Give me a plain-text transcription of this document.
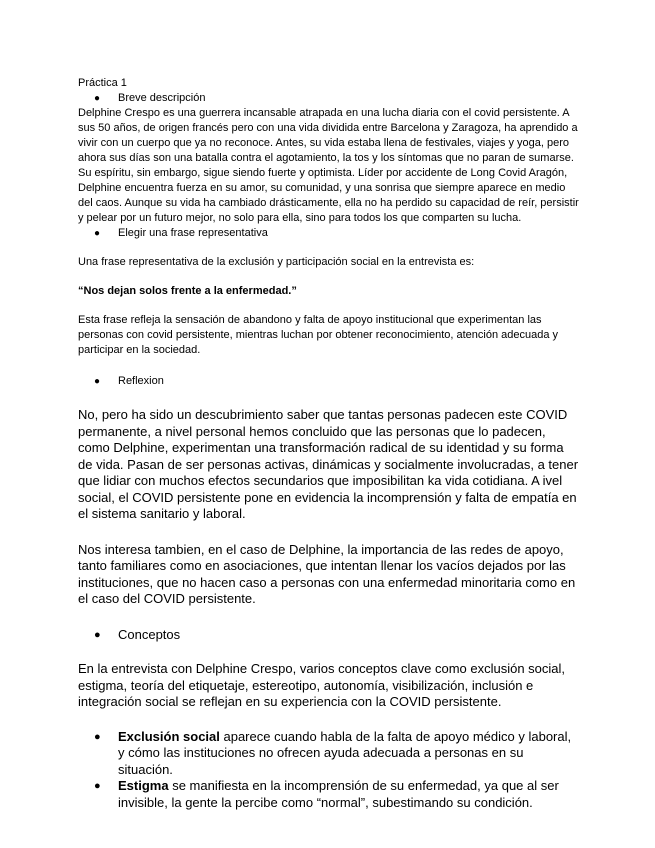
Práctica 1

● Breve descripción

Delphine Crespo es una guerrera incansable atrapada en una lucha diaria con el covid persistente. A sus 50 años, de origen francés pero con una vida dividida entre Barcelona y Zaragoza, ha aprendido a vivir con un cuerpo que ya no reconoce. Antes, su vida estaba llena de festivales, viajes y yoga, pero ahora sus días son una batalla contra el agotamiento, la tos y los síntomas que no paran de sumarse. Su espíritu, sin embargo, sigue siendo fuerte y optimista. Líder por accidente de Long Covid Aragón, Delphine encuentra fuerza en su amor, su comunidad, y una sonrisa que siempre aparece en medio del caos. Aunque su vida ha cambiado drásticamente, ella no ha perdido su capacidad de reír, persistir y pelear por un futuro mejor, no solo para ella, sino para todos los que comparten su lucha.

● Elegir una frase representativa

Una frase representativa de la exclusión y participación social en la entrevista es:

“Nos dejan solos frente a la enfermedad.”

Esta frase refleja la sensación de abandono y falta de apoyo institucional que experimentan las personas con covid persistente, mientras luchan por obtener reconocimiento, atención adecuada y participar en la sociedad.

● Reflexion

No, pero ha sido un descubrimiento saber que tantas personas padecen este COVID permanente, a nivel personal hemos concluido que las personas que lo padecen, como Delphine, experimentan una transformación radical de su identidad y su forma de vida. Pasan de ser personas activas, dinámicas y socialmente involucradas, a tener que lidiar con muchos efectos secundarios que imposibilitan ka vida cotidiana. A ivel social, el COVID persistente pone en evidencia la incomprensión y falta de empatía en el sistema sanitario y laboral.

Nos interesa tambien, en el caso de Delphine, la importancia de las redes de apoyo, tanto familiares como en asociaciones, que intentan llenar los vacíos dejados por las instituciones, que no hacen caso a personas con una enfermedad minoritaria como en el caso del COVID persistente.

● Conceptos

En la entrevista con Delphine Crespo, varios conceptos clave como exclusión social, estigma, teoría del etiquetaje, estereotipo, autonomía, visibilización, inclusión e integración social se reflejan en su experiencia con la COVID persistente.

● Exclusión social aparece cuando habla de la falta de apoyo médico y laboral, y cómo las instituciones no ofrecen ayuda adecuada a personas en su situación.
● Estigma se manifiesta en la incomprensión de su enfermedad, ya que al ser invisible, la gente la percibe como “normal”, subestimando su condición.
